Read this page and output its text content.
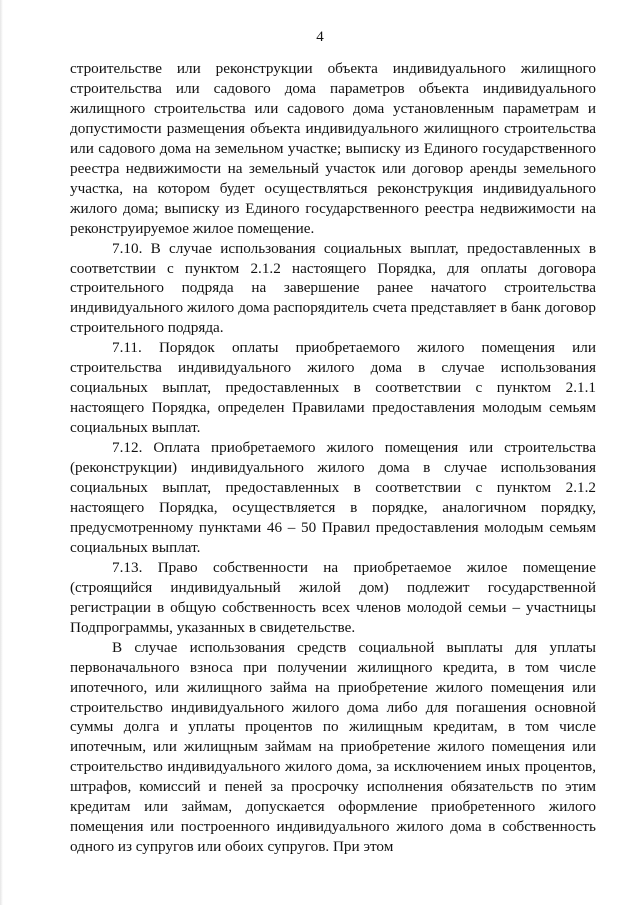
4

строительстве или реконструкции объекта индивидуального жилищного строительства или садового дома параметров объекта индивидуального жилищного строительства или садового дома установленным параметрам и допустимости размещения объекта индивидуального жилищного строительства или садового дома на земельном участке; выписку из Единого государственного реестра недвижимости на земельный участок или договор аренды земельного участка, на котором будет осуществляться реконструкция индивидуального жилого дома; выписку из Единого государственного реестра недвижимости на реконструируемое жилое помещение.

7.10. В случае использования социальных выплат, предоставленных в соответствии с пунктом 2.1.2 настоящего Порядка, для оплаты договора строительного подряда на завершение ранее начатого строительства индивидуального жилого дома распорядитель счета представляет в банк договор строительного подряда.

7.11. Порядок оплаты приобретаемого жилого помещения или строительства индивидуального жилого дома в случае использования социальных выплат, предоставленных в соответствии с пунктом 2.1.1 настоящего Порядка, определен Правилами предоставления молодым семьям социальных выплат.

7.12. Оплата приобретаемого жилого помещения или строительства (реконструкции) индивидуального жилого дома в случае использования социальных выплат, предоставленных в соответствии с пунктом 2.1.2 настоящего Порядка, осуществляется в порядке, аналогичном порядку, предусмотренному пунктами 46 – 50 Правил предоставления молодым семьям социальных выплат.

7.13. Право собственности на приобретаемое жилое помещение (строящийся индивидуальный жилой дом) подлежит государственной регистрации в общую собственность всех членов молодой семьи – участницы Подпрограммы, указанных в свидетельстве.

В случае использования средств социальной выплаты для уплаты первоначального взноса при получении жилищного кредита, в том числе ипотечного, или жилищного займа на приобретение жилого помещения или строительство индивидуального жилого дома либо для погашения основной суммы долга и уплаты процентов по жилищным кредитам, в том числе ипотечным, или жилищным займам на приобретение жилого помещения или строительство индивидуального жилого дома, за исключением иных процентов, штрафов, комиссий и пеней за просрочку исполнения обязательств по этим кредитам или займам, допускается оформление приобретенного жилого помещения или построенного индивидуального жилого дома в собственность одного из супругов или обоих супругов. При этом
